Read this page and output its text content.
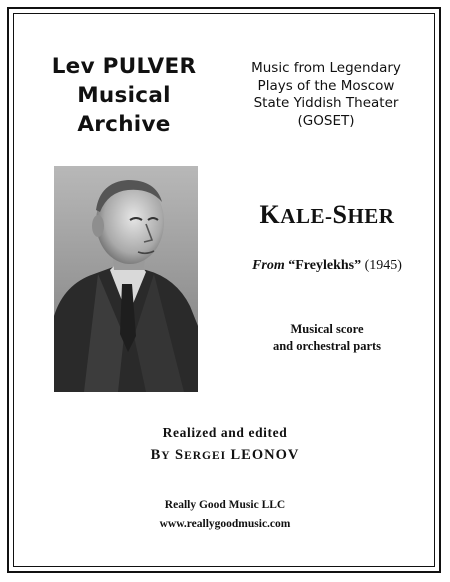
Lev PULVER
Musical
Archive
Music from Legendary
Plays of the Moscow
State Yiddish Theater
(GOSET)
KALE-SHER
From “Freylekhs” (1945)
Musical score
and orchestral parts
Realized and edited
BY SERGEI LEONOV
Really Good Music LLC
www.reallygoodmusic.com
